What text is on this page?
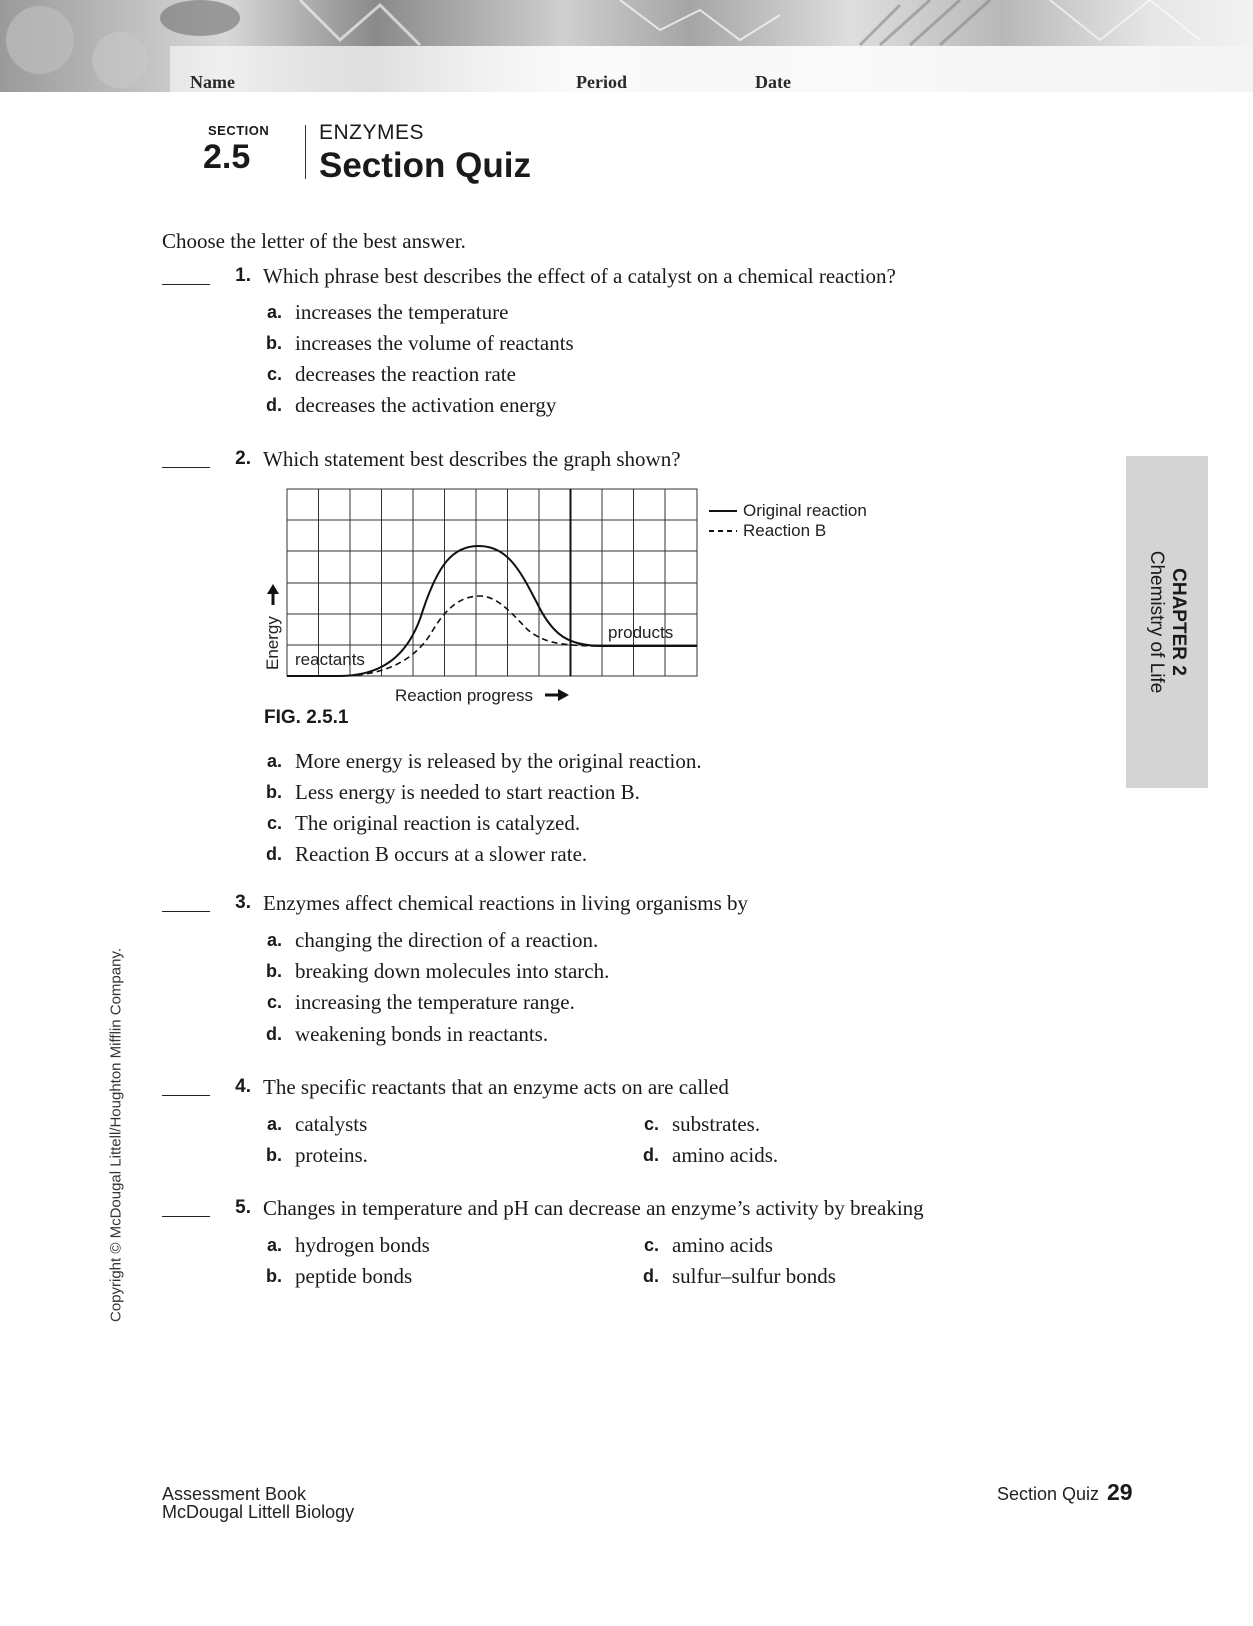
Name	Period	Date
SECTION
2.5
ENZYMES
Section Quiz
Choose the letter of the best answer.
1. Which phrase best describes the effect of a catalyst on a chemical reaction?
a. increases the temperature
b. increases the volume of reactants
c. decreases the reaction rate
d. decreases the activation energy
2. Which statement best describes the graph shown?
reactants
products
Original reaction
Reaction B
Energy
Reaction progress
FIG. 2.5.1
a. More energy is released by the original reaction.
b. Less energy is needed to start reaction B.
c. The original reaction is catalyzed.
d. Reaction B occurs at a slower rate.
3. Enzymes affect chemical reactions in living organisms by
a. changing the direction of a reaction.
b. breaking down molecules into starch.
c. increasing the temperature range.
d. weakening bonds in reactants.
4. The specific reactants that an enzyme acts on are called
a. catalysts
b. proteins.
c. substrates.
d. amino acids.
5. Changes in temperature and pH can decrease an enzyme’s activity by breaking
a. hydrogen bonds
b. peptide bonds
c. amino acids
d. sulfur–sulfur bonds
CHAPTER 2
Chemistry of Life
Copyright © McDougal Littell/Houghton Mifflin Company.
Assessment Book
McDougal Littell Biology
Section Quiz 29
